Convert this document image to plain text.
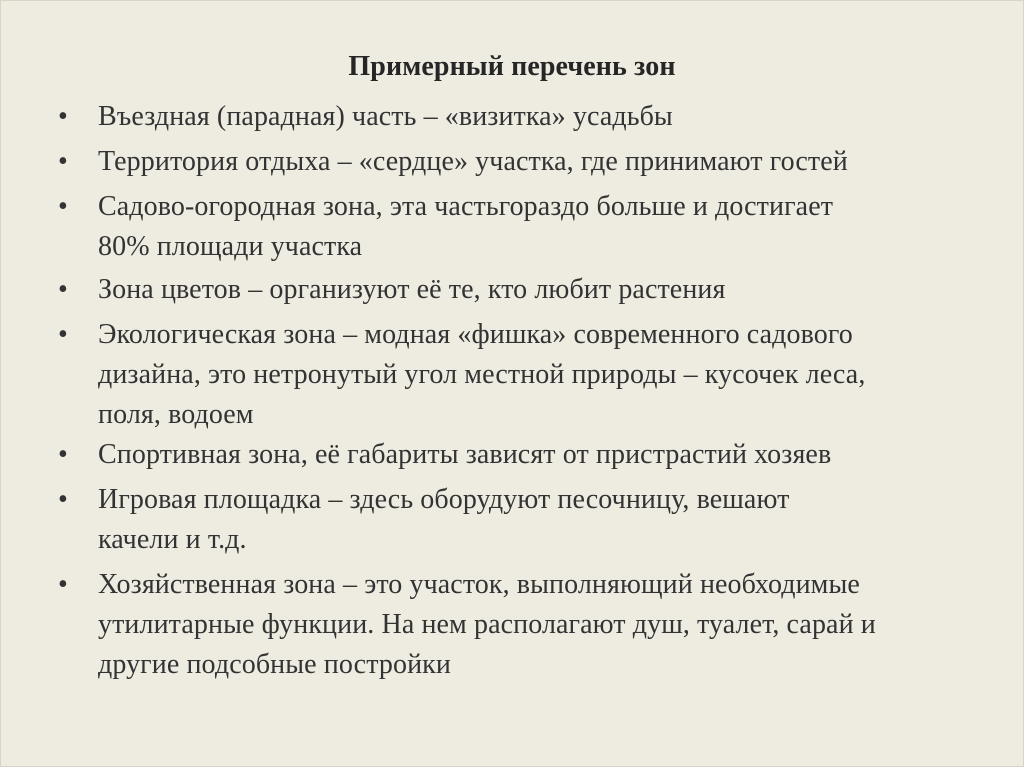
Примерный перечень зон
• Въездная (парадная) часть – «визитка» усадьбы
• Территория отдыха – «сердце» участка, где принимают гостей
• Садово-огородная зона, эта частьгораздо больше и достигает
80% площади участка
• Зона цветов – организуют её те, кто любит растения
• Экологическая зона – модная «фишка» современного садового
дизайна, это нетронутый угол местной природы – кусочек леса,
поля, водоем
• Спортивная зона, её габариты зависят от пристрастий хозяев
• Игровая площадка – здесь оборудуют песочницу, вешают
качели и т.д.
• Хозяйственная зона – это участок, выполняющий необходимые
утилитарные функции. На нем располагают душ, туалет, сарай и
другие подсобные постройки
